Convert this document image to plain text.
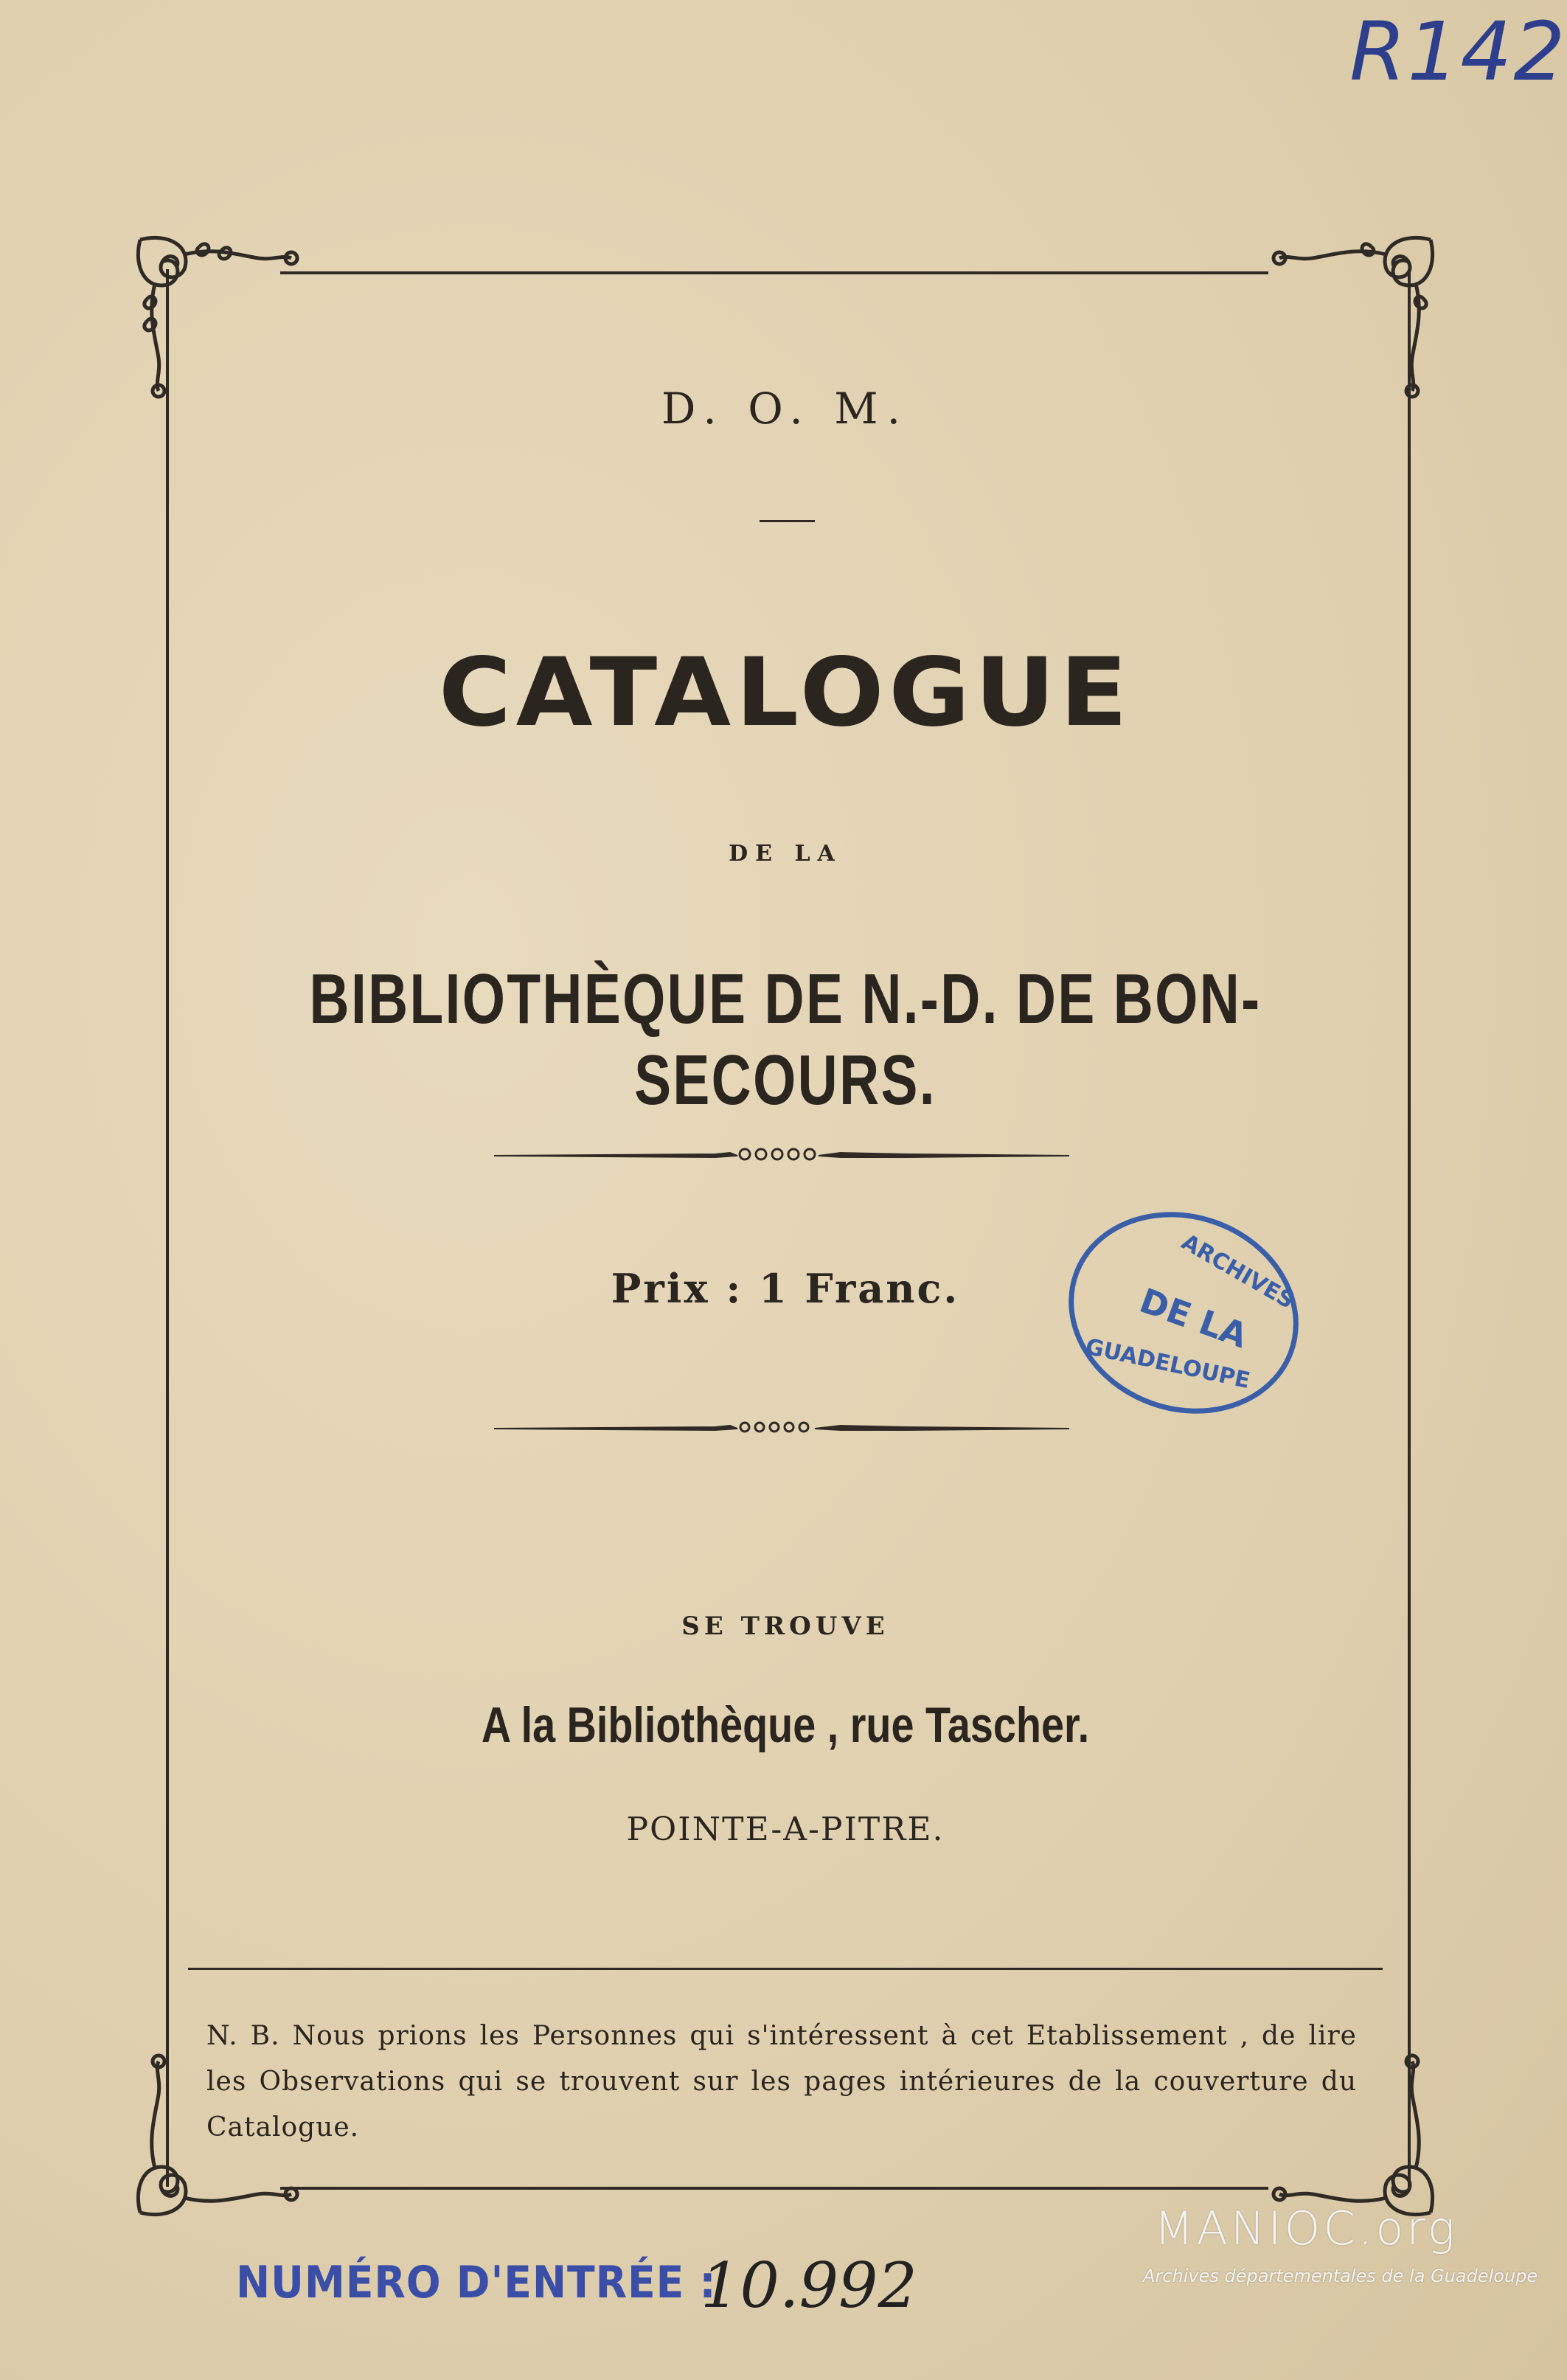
R142
D. O. M.
CATALOGUE
DE LA
BIBLIOTHÈQUE DE N.-D. DE BON-SECOURS.
Prix : 1 Franc.	ARCHIVES
DE LA
GUADELOUPE
SE TROUVE
A la Bibliothèque , rue Tascher.
POINTE-A-PITRE.
N. B. Nous prions les Personnes qui s'intéressent à cet Etablissement , de lire les Observations qui se trouvent sur les pages intérieures de la couverture du Catalogue.
NUMÉRO D'ENTRÉE :
10.992
MANIOC.org
Archives départementales de la Guadeloupe
